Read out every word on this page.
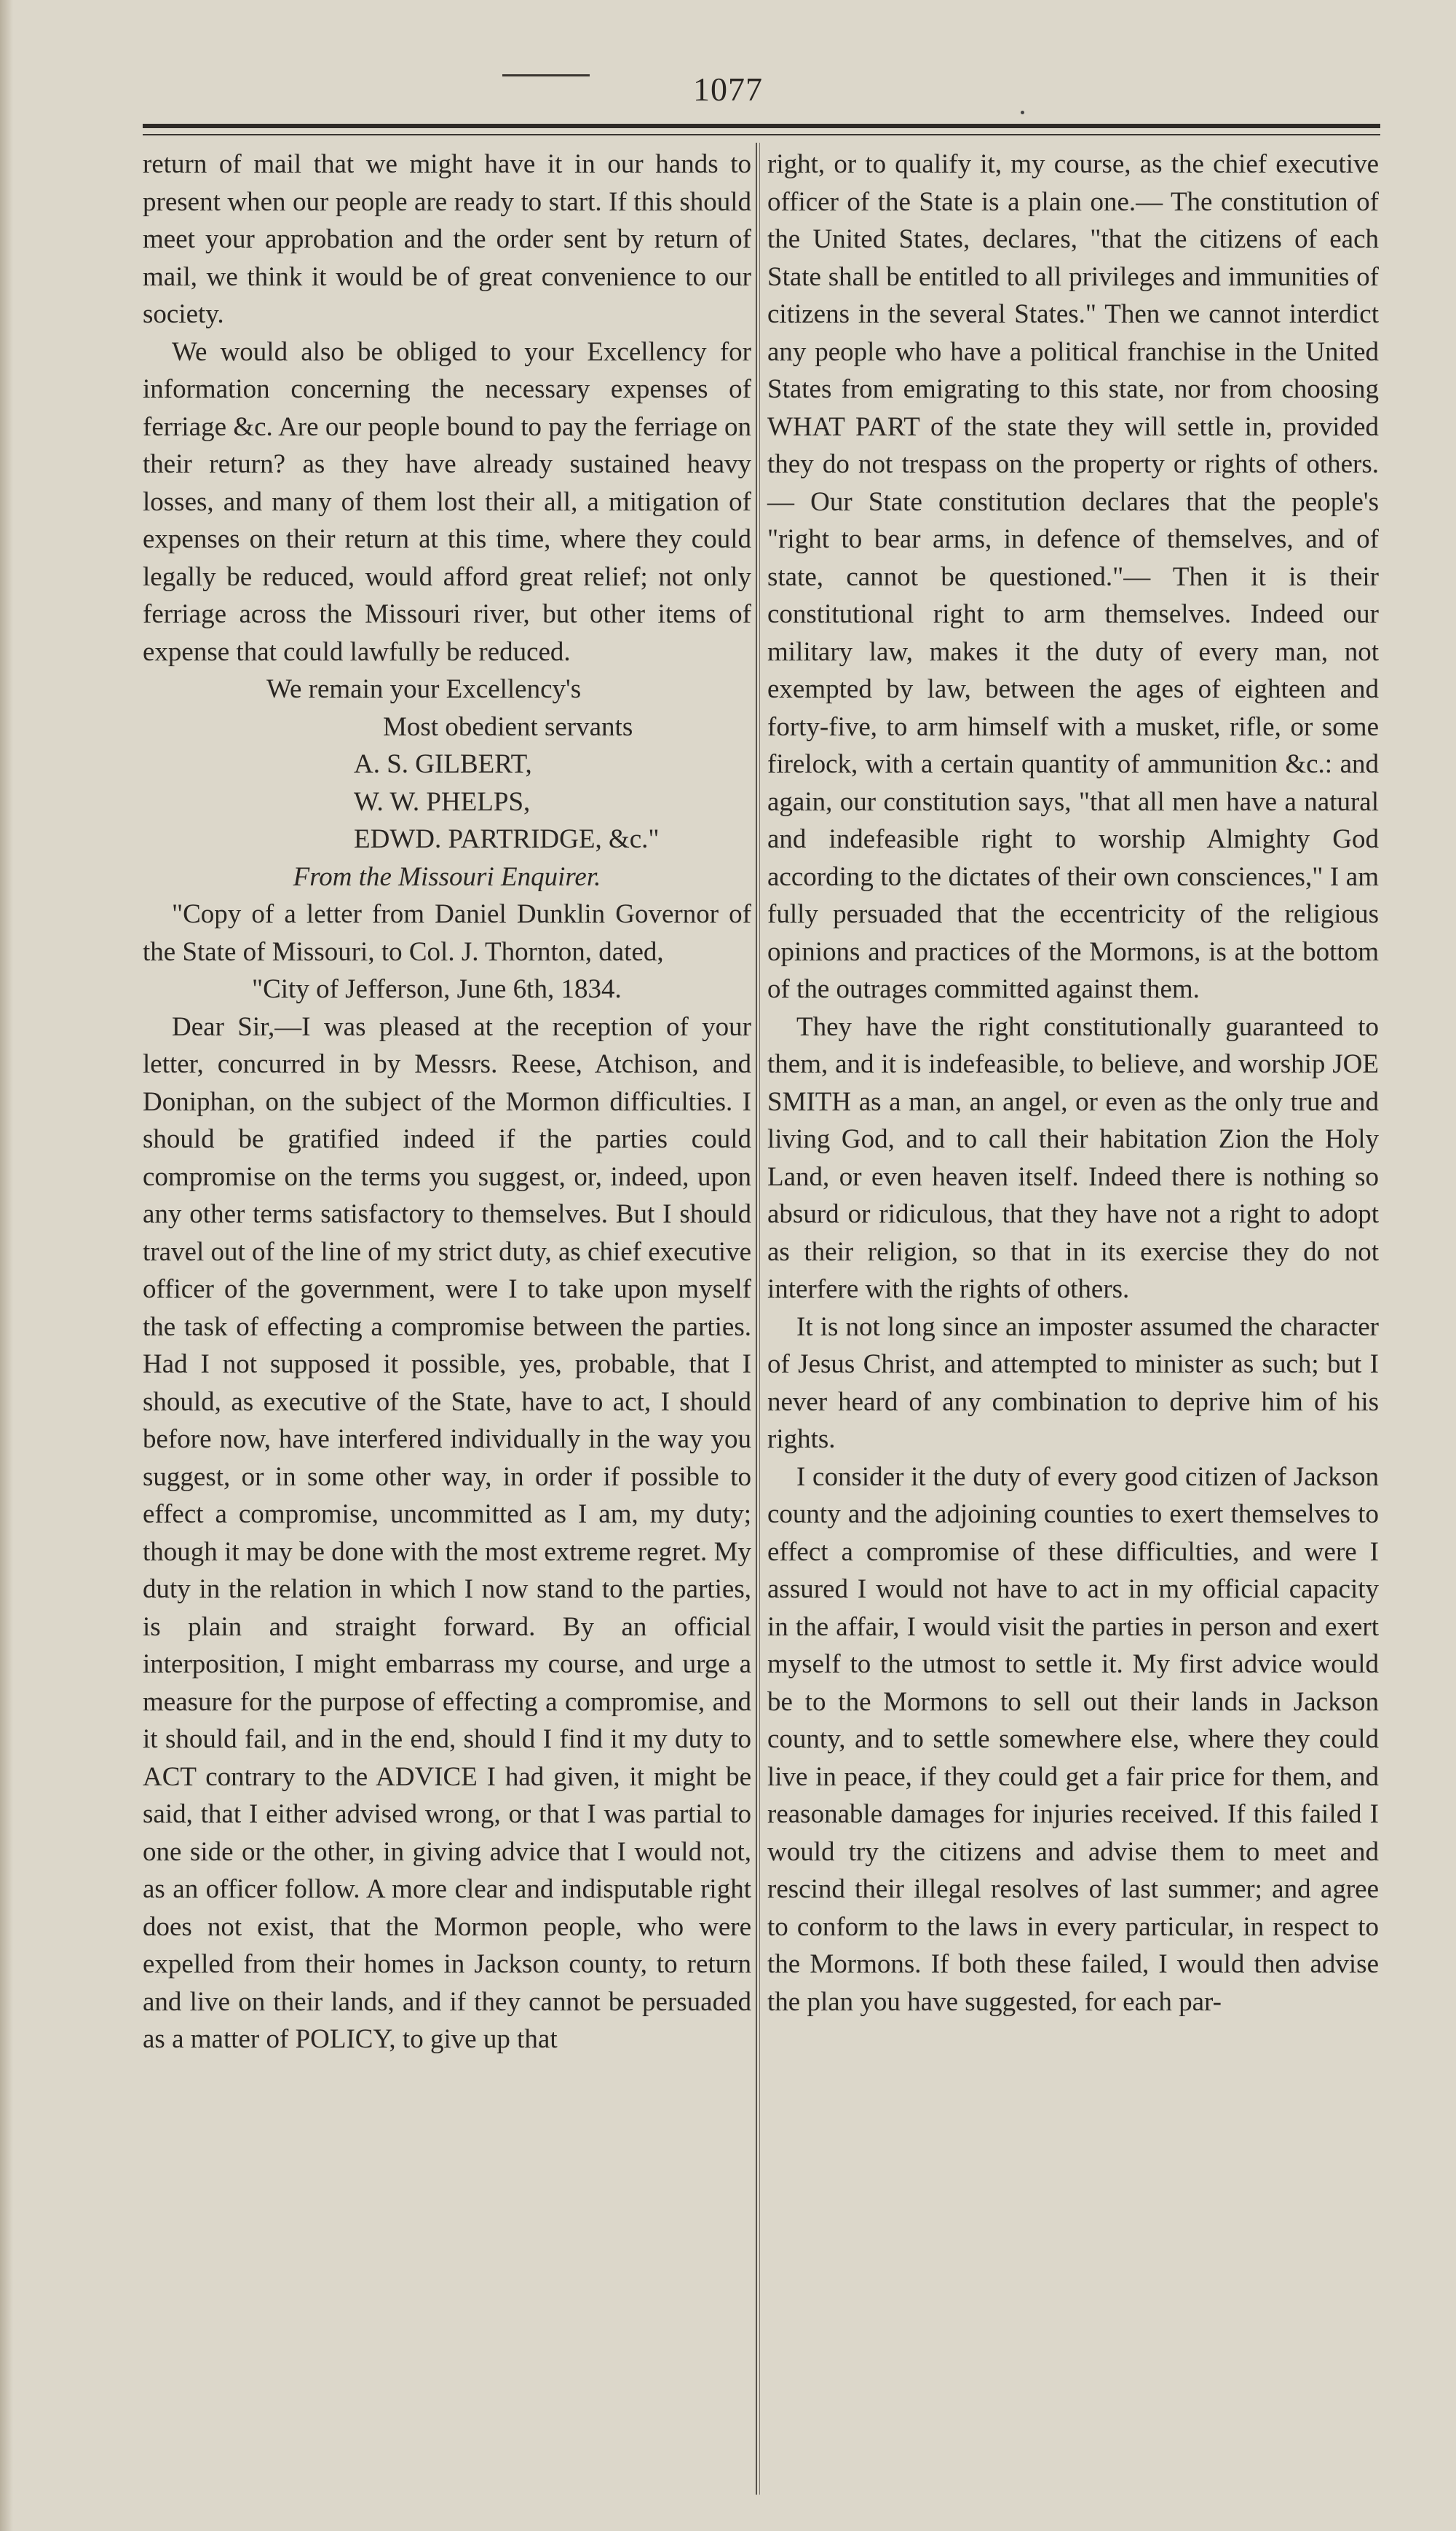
1077

return of mail that we might have it in our hands to present when our people are ready to start. If this should meet your approbation and the order sent by return of mail, we think it would be of great convenience to our society.

We would also be obliged to your Excellency for information concerning the necessary expenses of ferriage &c. Are our people bound to pay the ferriage on their return? as they have already sustained heavy losses, and many of them lost their all, a mitigation of expenses on their return at this time, where they could legally be reduced, would afford great relief; not only ferriage across the Missouri river, but other items of expense that could lawfully be reduced.

We remain your Excellency's

Most obedient servants

A. S. GILBERT,

W. W. PHELPS,

EDWD. PARTRIDGE, &c."

From the Missouri Enquirer.

"Copy of a letter from Daniel Dunklin Governor of the State of Missouri, to Col. J. Thornton, dated,

"City of Jefferson, June 6th, 1834.

Dear Sir,—I was pleased at the reception of your letter, concurred in by Messrs. Reese, Atchison, and Doniphan, on the subject of the Mormon difficulties. I should be gratified indeed if the parties could compromise on the terms you suggest, or, indeed, upon any other terms satisfactory to themselves. But I should travel out of the line of my strict duty, as chief executive officer of the government, were I to take upon myself the task of effecting a compromise between the parties. Had I not supposed it possible, yes, probable, that I should, as executive of the State, have to act, I should before now, have interfered individually in the way you suggest, or in some other way, in order if possible to effect a compromise, uncommitted as I am, my duty; though it may be done with the most extreme regret. My duty in the relation in which I now stand to the parties, is plain and straight forward. By an official interposition, I might embarrass my course, and urge a measure for the purpose of effecting a compromise, and it should fail, and in the end, should I find it my duty to ACT contrary to the ADVICE I had given, it might be said, that I either advised wrong, or that I was partial to one side or the other, in giving advice that I would not, as an officer follow. A more clear and indisputable right does not exist, that the Mormon people, who were expelled from their homes in Jackson county, to return and live on their lands, and if they cannot be persuaded as a matter of POLICY, to give up that

right, or to qualify it, my course, as the chief executive officer of the State is a plain one.— The constitution of the United States, declares, "that the citizens of each State shall be entitled to all privileges and immunities of citizens in the several States." Then we cannot interdict any people who have a political franchise in the United States from emigrating to this state, nor from choosing WHAT PART of the state they will settle in, provided they do not trespass on the property or rights of others.— Our State constitution declares that the people's "right to bear arms, in defence of themselves, and of state, cannot be questioned."— Then it is their constitutional right to arm themselves. Indeed our military law, makes it the duty of every man, not exempted by law, between the ages of eighteen and forty-five, to arm himself with a musket, rifle, or some firelock, with a certain quantity of ammunition &c.: and again, our constitution says, "that all men have a natural and indefeasible right to worship Almighty God according to the dictates of their own consciences," I am fully persuaded that the eccentricity of the religious opinions and practices of the Mormons, is at the bottom of the outrages committed against them.

They have the right constitutionally guaranteed to them, and it is indefeasible, to believe, and worship JOE SMITH as a man, an angel, or even as the only true and living God, and to call their habitation Zion the Holy Land, or even heaven itself. Indeed there is nothing so absurd or ridiculous, that they have not a right to adopt as their religion, so that in its exercise they do not interfere with the rights of others.

It is not long since an imposter assumed the character of Jesus Christ, and attempted to minister as such; but I never heard of any combination to deprive him of his rights.

I consider it the duty of every good citizen of Jackson county and the adjoining counties to exert themselves to effect a compromise of these difficulties, and were I assured I would not have to act in my official capacity in the affair, I would visit the parties in person and exert myself to the utmost to settle it. My first advice would be to the Mormons to sell out their lands in Jackson county, and to settle somewhere else, where they could live in peace, if they could get a fair price for them, and reasonable damages for injuries received. If this failed I would try the citizens and advise them to meet and rescind their illegal resolves of last summer; and agree to conform to the laws in every particular, in respect to the Mormons. If both these failed, I would then advise the plan you have suggested, for each par-
